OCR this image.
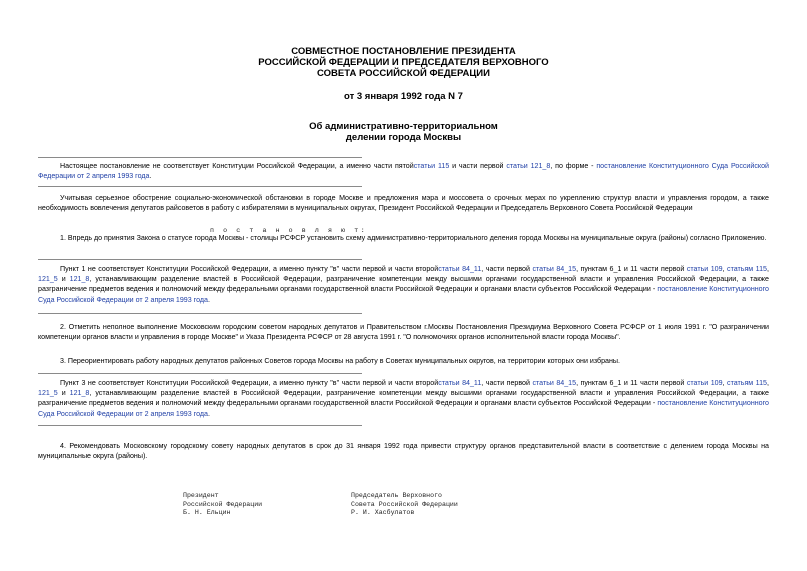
СОВМЕСТНОЕ ПОСТАНОВЛЕНИЕ ПРЕЗИДЕНТА
РОССИЙСКОЙ ФЕДЕРАЦИИ И ПРЕДСЕДАТЕЛЯ ВЕРХОВНОГО
СОВЕТА РОССИЙСКОЙ ФЕДЕРАЦИИ
от 3 января 1992 года N 7
Об административно-территориальном
делении города Москвы
Настоящее постановление не соответствует Конституции Российской Федерации, а именно части пятойстатьи 115 и части первой статьи 121_8, по форме - постановление Конституционного Суда Российской Федерации от 2 апреля 1993 года.
Учитывая серьезное обострение социально-экономической обстановки в городе Москве и предложения мэра и моссовета о срочных мерах по укреплению структур власти и управления городом, а также необходимость вовлечения депутатов райсоветов в работу с избирателями в муниципальных округах, Президент Российской Федерации и Председатель Верховного Совета Российской Федерации
п о с т а н о в л я ю т:
1. Впредь до принятия Закона о статусе города Москвы - столицы РСФСР установить схему административно-территориального деления города Москвы на муниципальные округа (районы) согласно Приложению.
Пункт 1 не соответствует Конституции Российской Федерации, а именно пункту "в" части первой и части второйстатьи 84_11, части первой статьи 84_15, пунктам 6_1 и 11 части первой статьи 109, статьям 115, 121_5 и 121_8, устанавливающим разделение властей в Российской Федерации, разграничение компетенции между высшими органами государственной власти и управления Российской Федерации, а также разграничение предметов ведения и полномочий между федеральными органами государственной власти Российской Федерации и органами власти субъектов Российской Федерации - постановление Конституционного Суда Российской Федерации от 2 апреля 1993 года.
2. Отметить неполное выполнение Московским городским советом народных депутатов и Правительством г.Москвы Постановления Президиума Верховного Совета РСФСР от 1 июля 1991 г. "О разграничении компетенции органов власти и управления в городе Москве" и Указа Президента РСФСР от 28 августа 1991 г. "О полномочиях органов исполнительной власти города Москвы".
3. Переориентировать работу народных депутатов районных Советов города Москвы на работу в Советах муниципальных округов, на территории которых они избраны.
Пункт 3 не соответствует Конституции Российской Федерации, а именно пункту "в" части первой и части второйстатьи 84_11, части первой статьи 84_15, пунктам 6_1 и 11 части первой статьи 109, статьям 115, 121_5 и 121_8, устанавливающим разделение властей в Российской Федерации, разграничение компетенции между высшими органами государственной власти и управления Российской Федерации, а также разграничение предметов ведения и полномочий между федеральными органами государственной власти Российской Федерации и органами власти субъектов Российской Федерации - постановление Конституционного Суда Российской Федерации от 2 апреля 1993 года.
4. Рекомендовать Московскому городскому совету народных депутатов в срок до 31 января 1992 года привести структуру органов представительной власти в соответствие с делением города Москвы на муниципальные округа (районы).
Президент
Российской Федерации
Б. Н. Ельцин
Председатель Верховного
Совета Российской Федерации
Р. И. Хасбулатов
